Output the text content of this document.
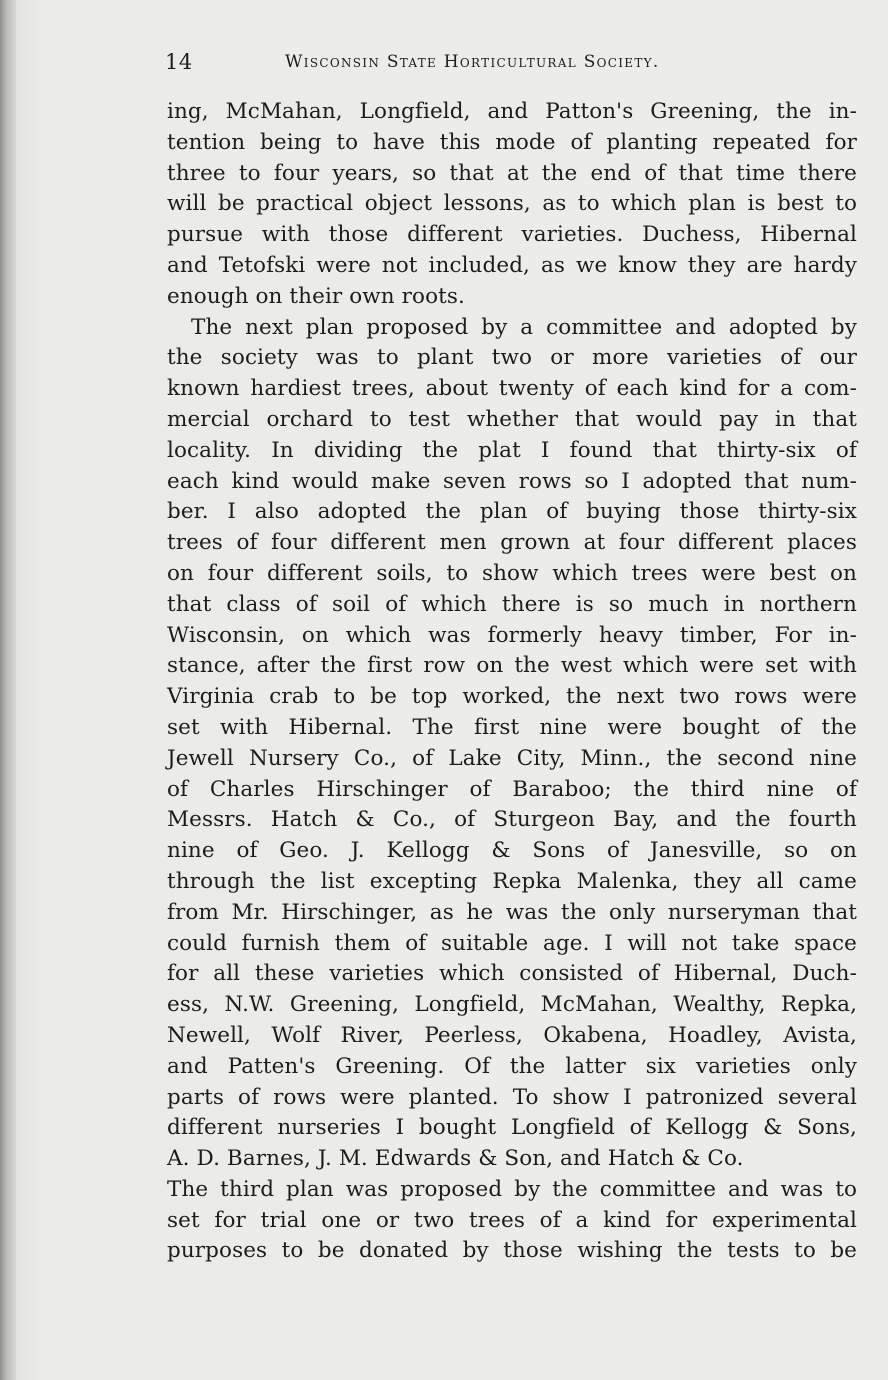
14	Wisconsin State Horticultural Society.
ing, McMahan, Longfield, and Patton's Greening, the in-
tention being to have this mode of planting repeated for
three to four years, so that at the end of that time there
will be practical object lessons, as to which plan is best to
pursue with those different varieties. Duchess, Hibernal
and Tetofski were not included, as we know they are hardy
enough on their own roots.
The next plan proposed by a committee and adopted by
the society was to plant two or more varieties of our
known hardiest trees, about twenty of each kind for a com-
mercial orchard to test whether that would pay in that
locality. In dividing the plat I found that thirty-six of
each kind would make seven rows so I adopted that num-
ber. I also adopted the plan of buying those thirty-six
trees of four different men grown at four different places
on four different soils, to show which trees were best on
that class of soil of which there is so much in northern
Wisconsin, on which was formerly heavy timber, For in-
stance, after the first row on the west which were set with
Virginia crab to be top worked, the next two rows were
set with Hibernal. The first nine were bought of the
Jewell Nursery Co., of Lake City, Minn., the second nine
of Charles Hirschinger of Baraboo; the third nine of
Messrs. Hatch & Co., of Sturgeon Bay, and the fourth
nine of Geo. J. Kellogg & Sons of Janesville, so on
through the list excepting Repka Malenka, they all came
from Mr. Hirschinger, as he was the only nurseryman that
could furnish them of suitable age. I will not take space
for all these varieties which consisted of Hibernal, Duch-
ess, N.W. Greening, Longfield, McMahan, Wealthy, Repka,
Newell, Wolf River, Peerless, Okabena, Hoadley, Avista,
and Patten's Greening. Of the latter six varieties only
parts of rows were planted. To show I patronized several
different nurseries I bought Longfield of Kellogg & Sons,
A. D. Barnes, J. M. Edwards & Son, and Hatch & Co.
The third plan was proposed by the committee and was to
set for trial one or two trees of a kind for experimental
purposes to be donated by those wishing the tests to be
